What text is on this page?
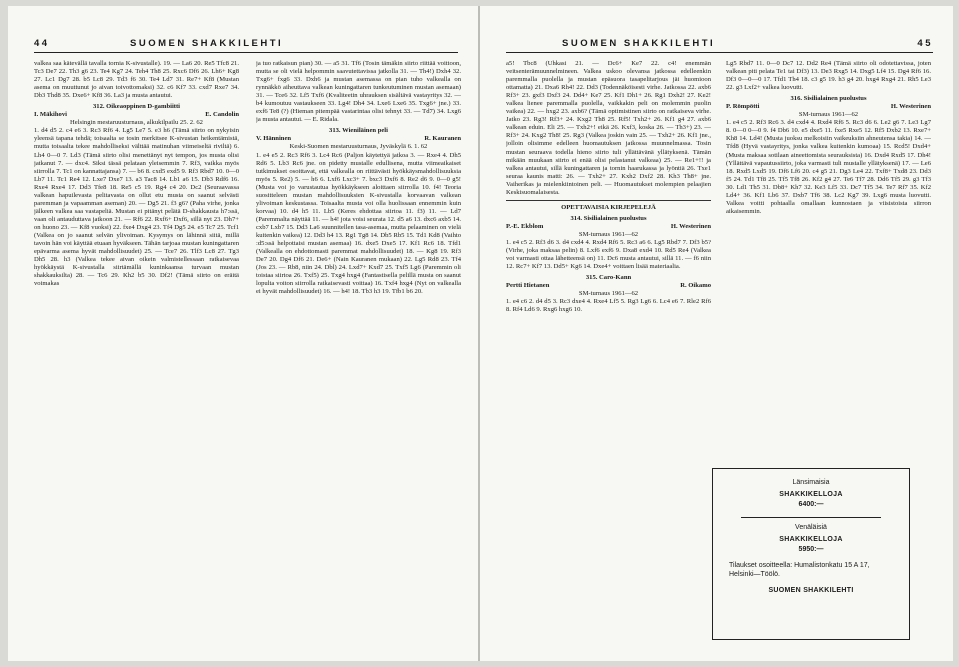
44	SUOMEN SHAKKILEHTI

valkea saa kätevällä tavalla tornia K-sivustalle). 19. — La6 20. Re5 Tfc8 21. Tc3 De7 22. Th3 g6 23. Te4 Kg7 24. Teh4 Th8 25. Rxc6 Df6 26. Lh6+ Kg8 27. Lc1 Dg7 28. b5 Lc8 29. Td3 f6 30. Te4 Ld7 31. Re7+ Kf8 (Mustan asema on muuttunut jo aivan toivottomaksi) 32. c6 Kf7 33. cxd7 Rxe7 34. Db3 Thd8 35. Dxe6+ Kf8 36. La3 ja musta antautui.

312. Oikeaoppinen D-gambiitti

I. Mäkihovi	E. Candolin

Helsingin mestaruusturnaus, alkukilpailu 25. 2. 62

1. d4 d5 2. c4 e6 3. Rc3 Rf6 4. Lg5 Le7 5. e3 h6 (Tämä siirto on nykyisin yleensä tapana tehdä; toisaalta se tosin merkitsee K-sivustan heikentämistä, mutta toisaalta tekee mahdolliseksi välttää matinuhan viimeiseltä riviltä) 6. Lh4 0—0 7. Ld3 (Tämä siirto olisi menettänyt nyt tempon, jos musta olisi jatkanut 7. — dxc4. Siksi tässä pelataan yleisemmin 7. Rf3, vaikka myös siirrolla 7. Tc1 on kannattajansa) 7. — b6 8. cxd5 exd5 9. Rf3 Rbd7 10. 0—0 Lb7 11. Tc1 Re4 12. Lxe7 Dxe7 13. a3 Tac8 14. Lb1 a6 15. Db3 Rdf6 16. Rxe4 Rxe4 17. Dd3 Tfe8 18. Re5 c5 19. Rg4 c4 20. Dc2 (Seuraavassa valkean hapuilevasta pelitavasta on ollut etu musta on saanut selvästi paremman ja vapaamman aseman) 20. — Dg5 21. f3 g6? (Paha virhe, jonka jälkeen valkea saa vastapeliä. Mustan ei pitänyt pelätä D-shakkausta h7:ssä, vaan oli antauduttava jatkoon 21. — Rf6 22. Rxf6+ Dxf6, sillä nyt 23. Dh7+ on huono 23. — Kf8 vuoksi) 22. fxe4 Dxg4 23. Tf4 Dg5 24. e5 Tc7 25. Tcf1 (Valkea on jo saanut selvän ylivoiman. Kysymys on lähinnä siitä, millä tavoin hän voi käyttää etuaan hyväkseen. Tähän tarjoaa mustan kuningattaren epävarma asema hyvät mahdollisuudet) 25. — Tce7 26. Tlf3 Lc8 27. Tg3 Dh5 28. h3 (Valkea tekee aivan oikein valmistellessaan ratkaisevaa hyökkäystä K-sivustalla siirtämällä kuninkaansa turvaan mustan shakkauksilta) 28. — Tc6 29. Kh2 b5 30. Df2! (Tämä siirto on eräitä voimakas

ja tuo ratkaisun pian) 30. — a5 31. Tf6 (Tosin tämäkin siirto riittää voittoon, mutta se oli vielä helpommin saavutettavissa jatkolla 31. — Th4!) Dxh4 32. Txg6+ fxg6 33. Dxh6 ja mustan asemassa on pian tuho valkealla on rynnäkkö aiheuttava valkean kuningattaren tunkeutuminen mustan asemaan) 31. — Tce6 32. Lf5 Txf6 (Kvaliteetin uhrauksen sisältävä vastayritys 32. — b4 kumoutuu vastaukseen 33. Lg4! Dh4 34. Lxe6 Lxe6 35. Txg6+ jne.) 33. exf6 Te8 (?) (Hieman pitempää vastarintaa olisi tehnyt 33. — Td7) 34. Lxg6 ja musta antautui. — E. Ridala.

313. Wieniläinen peli

V. Hänninen	R. Kauranen

Keski-Suomen mestaruusturnaus, Jyväskylä 6. 1. 62

1. e4 e5 2. Rc3 Rf6 3. Lc4 Rc6 (Paljon käytettyä jatkoa 3. — Rxe4 4. Dh5 Rd6 5. Lb3 Rc6 jne. on pidetty mustalle edullisena, mutta viimeaikaiset tutkimukset osoittavat, että valkealla on riittävästi hyökkäysmahdollisuuksia myös 5. Re2) 5. — h6 6. Lxf6 Lxc3+ 7. bxc3 Dxf6 8. Re2 d6 9. 0—0 g5! (Musta voi jo varustautua hyökkäykseen aloittaen siirrolla 10. f4! Teoria suositteleen mustan mahdollisuuksien K-sivustalla korvaavan valkean ylivoiman keskustassa. Toisaalta musta voi olla huolissaan ennemmin kuin korvaa) 10. d4 h5 11. Lb5 (Keres ehdottaa siirtoa 11. f3) 11. — Ld7 (Paremmalta näyttää 11. — h4! jota voisi seurata 12. d5 a6 13. dxc6 axb5 14. cxb7 Lxb7 15. Dd3 La6 suunnitellen tasa-asemaa, mutta pelaaminen on vielä kuitenkin vaikea) 12. Dd3 h4 13. Rg1 Tg8 14. Db5 Rb5 15. Td1 Kd8 (Vaihto :d5:ssä helpottaisi mustan asemaa) 16. dxe5 Dxe5 17. Kf1 Rc6 18. Tfd1 (Valkealla on ehdottomasti paremmat mahdollisuudet) 18. — Kg8 19. Rf3 De7 20. Dg4 Df6 21. De6+ (Nain Kauranen mukaan) 22. Lg5 Rd8 23. Tf4 (Jos 23. — Rb8, niin 24. Dbl) 24. Lxd7+ Kxd7 25. Txf5 Lg6 (Paremmin oli toistaa siirtoa 26. Txf5) 25. Txg4 hxg4 (Fantastisella pelillä musta on saanut lopulta voiton siirrolla ratkaisevasti voittaa) 16. Txf4 hxg4 (Nyt on valkealla ei hyvät mahdollisuudet) 16. — h4! 18. Tb3 h3 19. Tfb1 b6 20.

SUOMEN SHAKKILEHTI	45

a5! Tbc8 (Uhkasi 21. — Dc6+ Ke7 22. c4! enemmän veitsenterämuunnelmineen. Valkea uskoo olevansa jatkossa edelleenkin paremmalla puolella ja mustan epäsuora tasapelitarjous jäi huomioon ottamatta) 21. Dxa6 Rh4! 22. Dd3 (Todennäköisesti virhe. Jatkossa 22. axb6 Rf3+ 23. gxf3 Dxf3 24. Dd4+ Ke7 25. Kf1 Dh1+ 26. Rg1 Dxh2! 27. Ke2! valkea lienee paremmalla puolella, vaikkakin peli on molemmin puolin vaikea) 22. — hxg2 23. axb6? (Tämä optimistinen siirto on ratkaiseva virhe. Jatko 23. Rg3! Rf3+ 24. Kxg2 Th8 25. Rf5! Txh2+ 26. Kf1 g4 27. axb6 valkean eduin. Eli 25. — Txh2+! eikä 26. Kxf3, koska 26. — Th3+) 23. — Rf3+ 24. Kxg2 Th8! 25. Rg3 (Valkea joskin vain 25. — Txh2+ 26. Kf1 jne., jolloin olisimme edelleen huomautuksen jatkossa muunnelmassa. Tosin mustan seuraava todella hieno siirto tuli yllättävänä yllätyksenä. Tämän mikään muukaan siirto ei enää olisi pelastanut valkeaa) 25. — Re1+!! ja valkea antautui, sillä kuningattaren ja tornin haarukassa ja lyöntiä 26. Txe1 seuraa kaunis matti: 26. — Txh2+ 27. Kxh2 Dxf2 28. Kh3 Th8+ jne. Vaiherikas ja mielenkiintoinen peli. — Huomautukset molempien pelaajien Keskisuomalaisesta.

OPETTAVAISIA KIRJEPELEJÄ

314. Sisilialainen puolustus

P.-E. Ekblom	H. Westerinen

SM-turnaus 1961—62

1. e4 c5 2. Rf3 d6 3. d4 cxd4 4. Rxd4 Rf6 5. Rc3 a6 6. Lg5 Rbd7 7. Df3 b5? (Virhe, joka maksaa pelin) 8. Lxf6 exf6 9. Dxa8 exd4 10. Rd5 Re4 (Valkea voi varmasti ottaa lähetteensä on) 11. Dc6 musta antautui, sillä 11. — f6 niin 12. Rc7+ Kf7 13. Dd5+ Kg6 14. Dxe4+ voittaen lisää materiaalia.

315. Caro-Kann

Pertti Hietanen	R. Oikamo

SM-turnaus 1961—62

1. e4 c6 2. d4 d5 3. Rc3 dxe4 4. Rxe4 Lf5 5. Rg3 Lg6 6. Lc4 e6 7. Rle2 Rf6 8. Rf4 Ld6 9. Rxg6 hxg6 10.

Lg5 Rbd7 11. 0—0 Dc7 12. Dd2 Re4 (Tämä siirto oli odotettavissa, joten valkean piti pelata Te1 tai Df3) 13. De3 Rxg5 14. Dxg5 Lf4 15. Dg4 Rf6 16. Df3 0—0—0 17. Tfd1 Th4 18. c3 g5 19. h3 g4 20. hxg4 Rxg4 21. Rh5 Le3 22. g3 Lxf2+ valkea luovutti.

316. Sisilialainen puolustus

P. Römpötti	H. Westerinen

SM-turnaus 1961—62

1. e4 c5 2. Rf3 Rc6 3. d4 cxd4 4. Rxd4 Rf6 5. Rc3 d6 6. Le2 g6 7. Le3 Lg7 8. 0—0 0—0 9. f4 Db6 10. e5 dxe5 11. fxe5 Rxe5 12. Rf5 Dxb2 13. Rxe7+ Kh8 14. Ld4! (Musta juoksu melkoisiin vaikeuksiin ahneutensa takia) 14. — Tfd8 (Hyvä vastayritys, jonka valkea kuitenkin kumoaa) 15. Rcd5! Dxd4+ (Musta maksaa sotilaan aineettomista seurauksista) 16. Dxd4 Rxd5 17. Dh4! (Yllättävä vapautussiirto, joka varmasti tuli mustalle yllätyksenä) 17. — Le6 18. Rxd5 Lxd5 19. Df6 Lf6 20. c4 g5 21. Dg3 Le4 22. Txf8+ Txd8 23. Dd3 f5 24. Td1 Tf8 25. Tf5 Tf8 26. Kf2 g4 27. Te6 Tf7 28. Dd6 Tf5 29. g3 Tf3 30. Ld1 Th5 31. Db8+ Kh7 32. Ke3 Lf5 33. Dc7 Tf5 34. Te7 Rf7 35. Kf2 Ld4+ 36. Kf1 Lb6 37. Dxb7 Tf6 38. Lc2 Kg7 39. Lxg6 musta luovutti. Valkea voitti pohtaalla omallaan kunnostaen ja viisistoista siirron aikaisemmin.

Länsimaisia
SHAKKIKELLOJA
6400:—
Venäläisiä
SHAKKIKELLOJA
5950:—
Tilaukset osoitteella: Humalistonkatu 15 A 17, Helsinki—Töölö.
SUOMEN SHAKKILEHTI
